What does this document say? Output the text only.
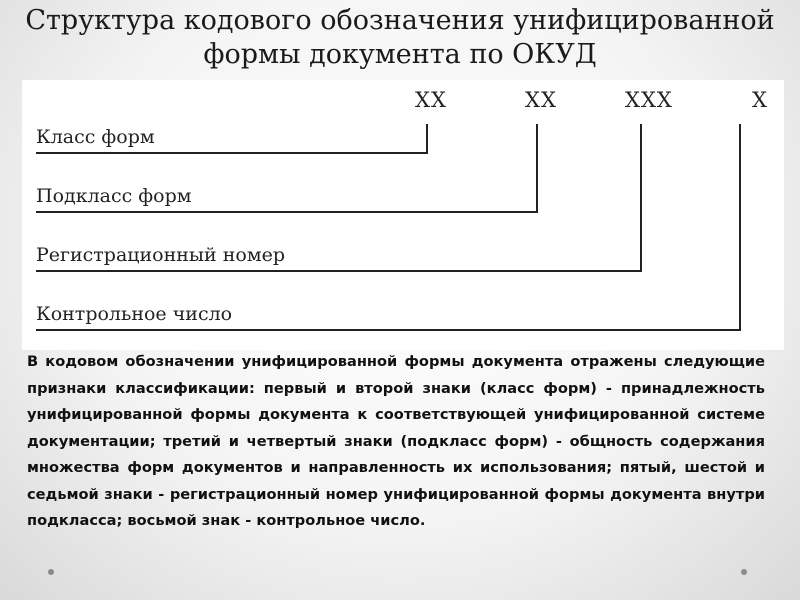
Структура кодового обозначения унифицированной формы документа по ОКУД
ХХ	ХХ	ХХХ	Х
Класс форм
Подкласс форм
Регистрационный номер
Контрольное число
В кодовом обозначении унифицированной формы документа отражены следующие признаки классификации: первый и второй знаки (класс форм) - принадлежность унифицированной формы документа к соответствующей унифицированной системе документации; третий и четвертый знаки (подкласс форм) - общность содержания множества форм документов и направленность их использования; пятый, шестой и седьмой знаки - регистрационный номер унифицированной формы документа внутри подкласса; восьмой знак - контрольное число.
